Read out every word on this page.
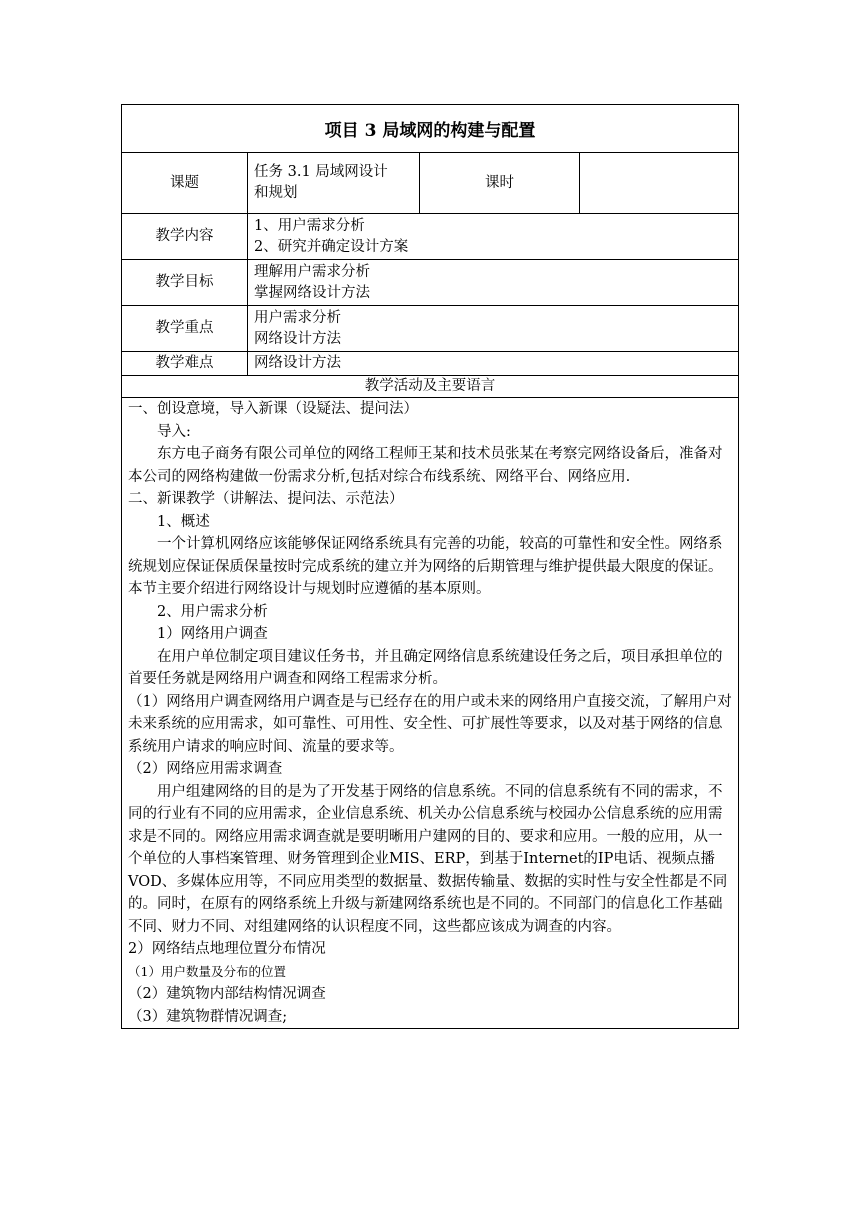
项目 3 局域网的构建与配置
课题
任务 3.1 局域网设计
和规划
课时
教学内容
1、用户需求分析
2、研究并确定设计方案
教学目标
理解用户需求分析
掌握网络设计方法
教学重点
用户需求分析
网络设计方法
教学难点	网络设计方法
教学活动及主要语言

一、创设意境，导入新课（设疑法、提问法）

导入:

东方电子商务有限公司单位的网络工程师王某和技术员张某在考察完网络设备后，准备对本公司的网络构建做一份需求分析,包括对综合布线系统、网络平台、网络应用.

二、新课教学（讲解法、提问法、示范法）

1、概述

一个计算机网络应该能够保证网络系统具有完善的功能，较高的可靠性和安全性。网络系统规划应保证保质保量按时完成系统的建立并为网络的后期管理与维护提供最大限度的保证。本节主要介绍进行网络设计与规划时应遵循的基本原则。

2、用户需求分析

1）网络用户调查

在用户单位制定项目建议任务书，并且确定网络信息系统建设任务之后，项目承担单位的首要任务就是网络用户调查和网络工程需求分析。

（1）网络用户调查网络用户调查是与已经存在的用户或未来的网络用户直接交流，了解用户对未来系统的应用需求，如可靠性、可用性、安全性、可扩展性等要求，以及对基于网络的信息系统用户请求的响应时间、流量的要求等。

（2）网络应用需求调查

用户组建网络的目的是为了开发基于网络的信息系统。不同的信息系统有不同的需求，不同的行业有不同的应用需求，企业信息系统、机关办公信息系统与校园办公信息系统的应用需求是不同的。网络应用需求调查就是要明晰用户建网的目的、要求和应用。一般的应用，从一个单位的人事档案管理、财务管理到企业MIS、ERP，到基于Internet的IP电话、视频点播VOD、多媒体应用等，不同应用类型的数据量、数据传输量、数据的实时性与安全性都是不同的。同时，在原有的网络系统上升级与新建网络系统也是不同的。不同部门的信息化工作基础 不同、财力不同、对组建网络的认识程度不同，这些都应该成为调查的内容。

2）网络结点地理位置分布情况

（1）用户数量及分布的位置

（2）建筑物内部结构情况调查

（3）建筑物群情况调查;
